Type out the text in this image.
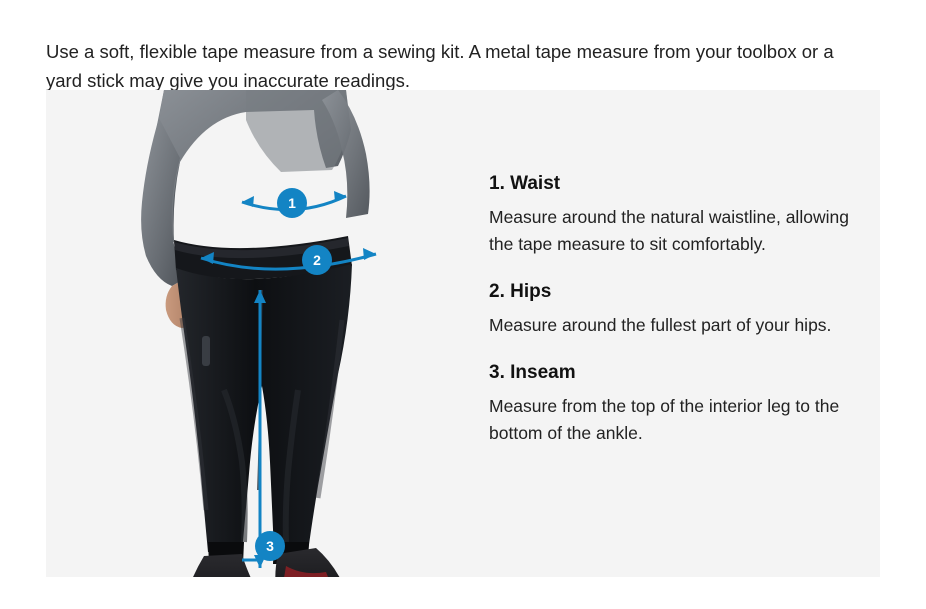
Use a soft, flexible tape measure from a sewing kit. A metal tape measure from your toolbox or a yard stick may give you inaccurate readings.

1
2
3
1. Waist

Measure around the natural waistline, allowing the tape measure to sit comfortably.

2. Hips

Measure around the fullest part of your hips.

3. Inseam

Measure from the top of the interior leg to the bottom of the ankle.
